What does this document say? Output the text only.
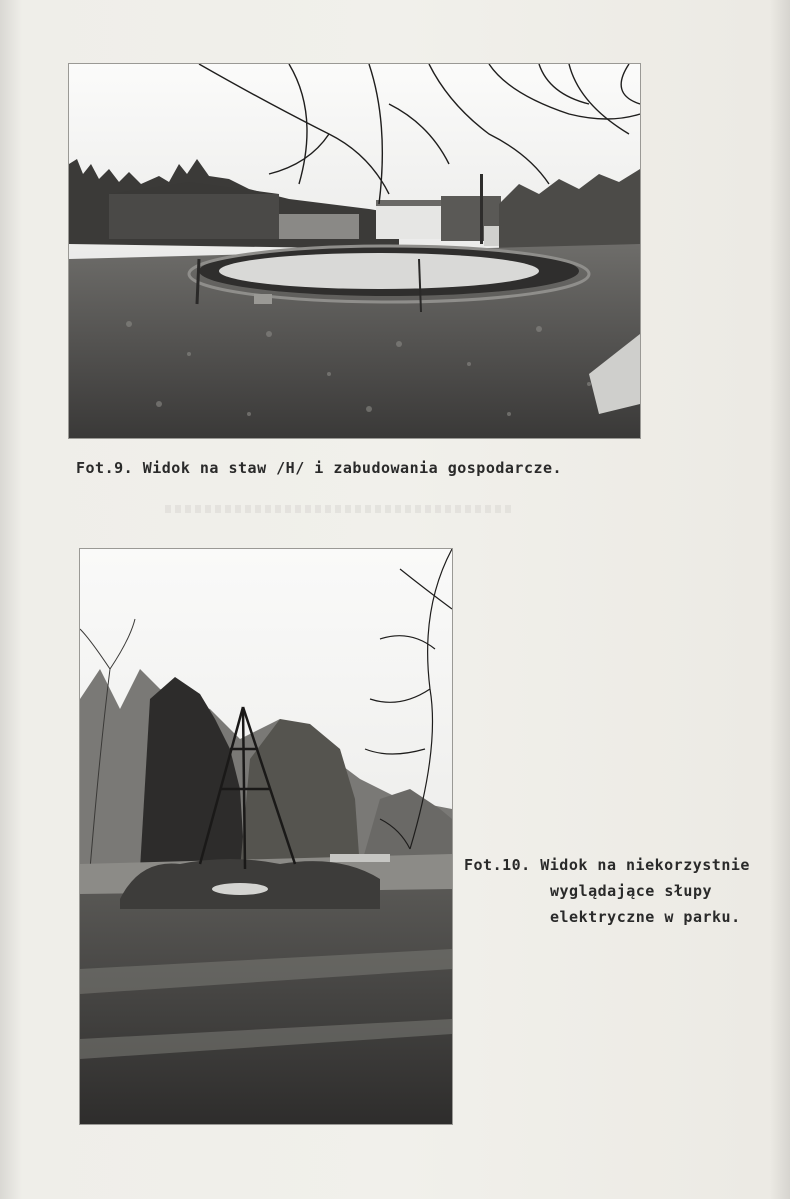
Fot.9. Widok na staw /H/ i zabudowania gospodarcze.
Fot.10. Widok na niekorzystnie
wyglądające słupy
elektryczne w parku.
